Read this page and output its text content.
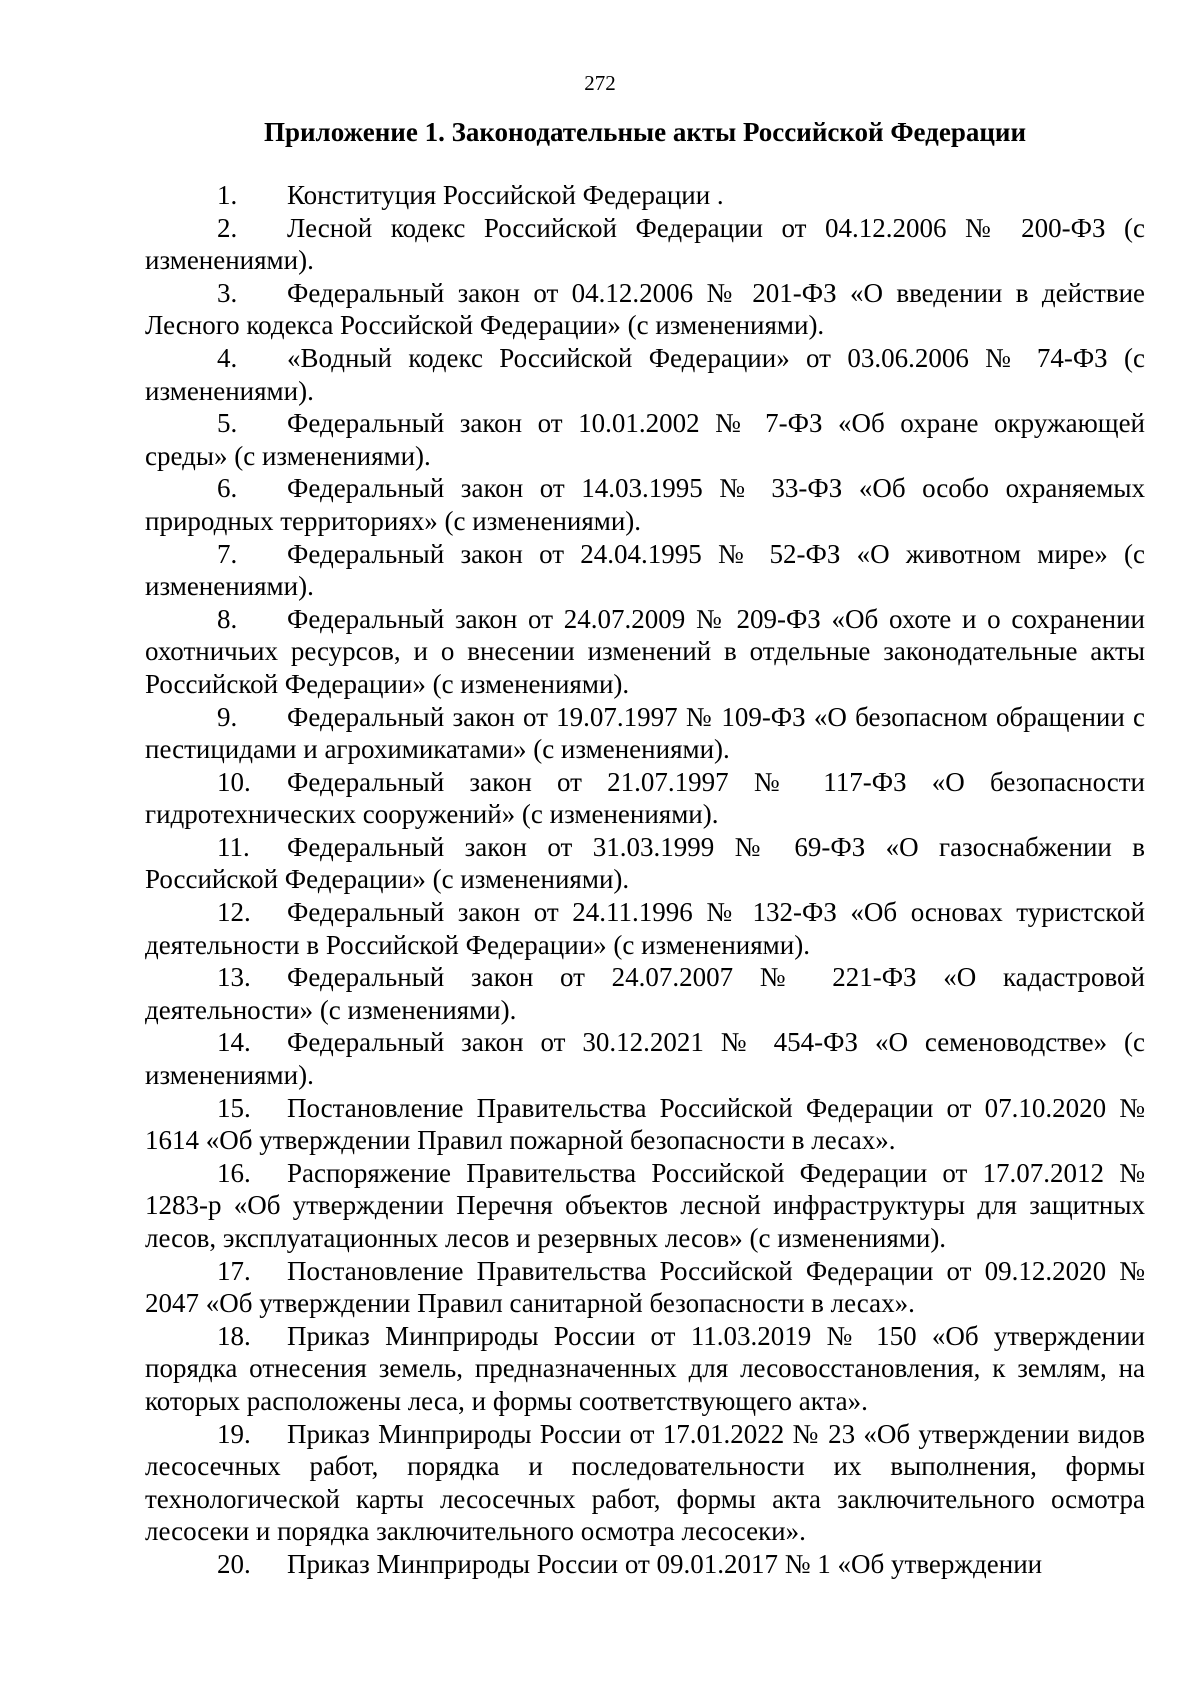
272
Приложение 1. Законодательные акты Российской Федерации

1. Конституция Российской Федерации .

2. Лесной кодекс Российской Федерации от 04.12.2006 № 200-ФЗ (с изменениями).

3. Федеральный закон от 04.12.2006 № 201-ФЗ «О введении в действие Лесного кодекса Российской Федерации» (с изменениями).

4. «Водный кодекс Российской Федерации» от 03.06.2006 № 74-ФЗ (с изменениями).

5. Федеральный закон от 10.01.2002 № 7-ФЗ «Об охране окружающей среды» (с изменениями).

6. Федеральный закон от 14.03.1995 № 33-ФЗ «Об особо охраняемых природных территориях» (с изменениями).

7. Федеральный закон от 24.04.1995 № 52-ФЗ «О животном мире» (с изменениями).

8. Федеральный закон от 24.07.2009 № 209-ФЗ «Об охоте и о сохранении охотничьих ресурсов, и о внесении изменений в отдельные законодательные акты Российской Федерации» (с изменениями).

9. Федеральный закон от 19.07.1997 № 109-ФЗ «О безопасном обращении с пестицидами и агрохимикатами» (с изменениями).

10. Федеральный закон от 21.07.1997 № 117-ФЗ «О безопасности гидротехнических сооружений» (с изменениями).

11. Федеральный закон от 31.03.1999 № 69-ФЗ «О газоснабжении в Российской Федерации» (с изменениями).

12. Федеральный закон от 24.11.1996 № 132-ФЗ «Об основах туристской деятельности в Российской Федерации» (с изменениями).

13. Федеральный закон от 24.07.2007 № 221-ФЗ «О кадастровой деятельности» (с изменениями).

14. Федеральный закон от 30.12.2021 № 454-ФЗ «О семеноводстве» (с изменениями).

15. Постановление Правительства Российской Федерации от 07.10.2020 № 1614 «Об утверждении Правил пожарной безопасности в лесах».

16. Распоряжение Правительства Российской Федерации от 17.07.2012 № 1283-р «Об утверждении Перечня объектов лесной инфраструктуры для защитных лесов, эксплуатационных лесов и резервных лесов» (с изменениями).

17. Постановление Правительства Российской Федерации от 09.12.2020 № 2047 «Об утверждении Правил санитарной безопасности в лесах».

18. Приказ Минприроды России от 11.03.2019 № 150 «Об утверждении порядка отнесения земель, предназначенных для лесовосстановления, к землям, на которых расположены леса, и формы соответствующего акта».

19. Приказ Минприроды России от 17.01.2022 № 23 «Об утверждении видов лесосечных работ, порядка и последовательности их выполнения, формы технологической карты лесосечных работ, формы акта заключительного осмотра лесосеки и порядка заключительного осмотра лесосеки».

20. Приказ Минприроды России от 09.01.2017 № 1 «Об утверждении
